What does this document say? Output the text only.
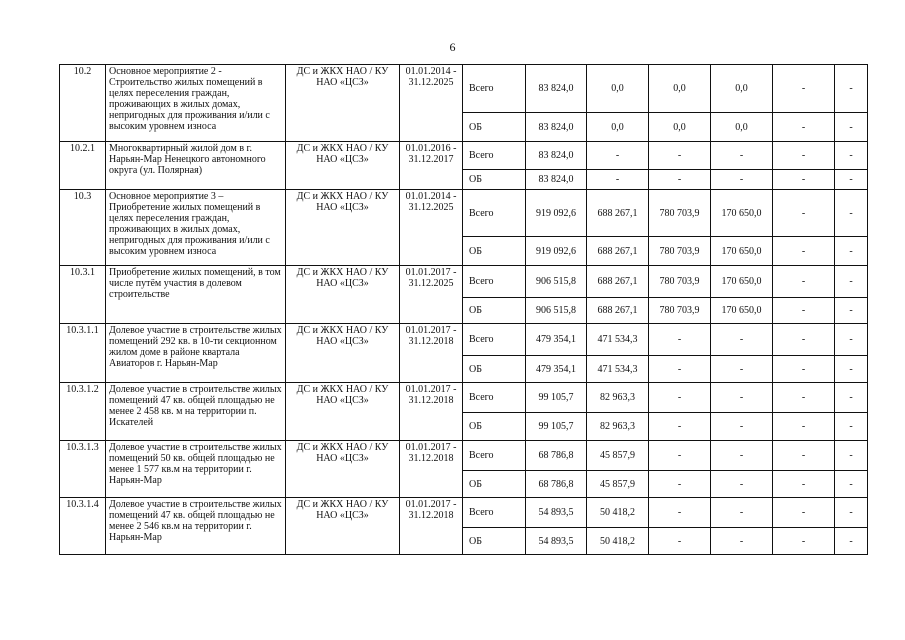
6
10.2	Основное мероприятие 2 - Строительство жилых помещений в целях переселения граждан, проживающих в жилых домах, непригодных для проживания и/или с высоким уровнем износа	ДС и ЖКХ НАО / КУ НАО «ЦСЗ»	01.01.2014 - 31.12.2025	Всего	83 824,0	0,0	0,0	0,0	-	-
				ОБ	83 824,0	0,0	0,0	0,0	-	-
10.2.1	Многоквартирный жилой дом в г. Нарьян-Мар Ненецкого автономного округа (ул. Полярная)	ДС и ЖКХ НАО / КУ НАО «ЦСЗ»	01.01.2016 - 31.12.2017	Всего	83 824,0	-	-	-	-	-
				ОБ	83 824,0	-	-	-	-	-
10.3	Основное мероприятие 3 – Приобретение жилых помещений в целях переселения граждан, проживающих в жилых домах, непригодных для проживания и/или с высоким уровнем износа	ДС и ЖКХ НАО / КУ НАО «ЦСЗ»	01.01.2014 - 31.12.2025	Всего	919 092,6	688 267,1	780 703,9	170 650,0	-	-
				ОБ	919 092,6	688 267,1	780 703,9	170 650,0	-	-
10.3.1	Приобретение жилых помещений, в том числе путём участия в долевом строительстве	ДС и ЖКХ НАО / КУ НАО «ЦСЗ»	01.01.2017 - 31.12.2025	Всего	906 515,8	688 267,1	780 703,9	170 650,0	-	-
				ОБ	906 515,8	688 267,1	780 703,9	170 650,0	-	-
10.3.1.1	Долевое участие в строительстве жилых помещений 292 кв. в 10-ти секционном жилом доме в районе квартала Авиаторов г. Нарьян-Мар	ДС и ЖКХ НАО / КУ НАО «ЦСЗ»	01.01.2017 - 31.12.2018	Всего	479 354,1	471 534,3	-	-	-	-
				ОБ	479 354,1	471 534,3	-	-	-	-
10.3.1.2	Долевое участие в строительстве жилых помещений 47 кв. общей площадью не менее 2 458 кв. м на территории п. Искателей	ДС и ЖКХ НАО / КУ НАО «ЦСЗ»	01.01.2017 - 31.12.2018	Всего	99 105,7	82 963,3	-	-	-	-
				ОБ	99 105,7	82 963,3	-	-	-	-
10.3.1.3	Долевое участие в строительстве жилых помещений 50 кв. общей площадью не менее 1 577 кв.м на территории г. Нарьян-Мар	ДС и ЖКХ НАО / КУ НАО «ЦСЗ»	01.01.2017 - 31.12.2018	Всего	68 786,8	45 857,9	-	-	-	-
				ОБ	68 786,8	45 857,9	-	-	-	-
10.3.1.4	Долевое участие в строительстве жилых помещений 47 кв. общей площадью не менее 2 546 кв.м на территории г. Нарьян-Мар	ДС и ЖКХ НАО / КУ НАО «ЦСЗ»	01.01.2017 - 31.12.2018	Всего	54 893,5	50 418,2	-	-	-	-
				ОБ	54 893,5	50 418,2	-	-	-	-
